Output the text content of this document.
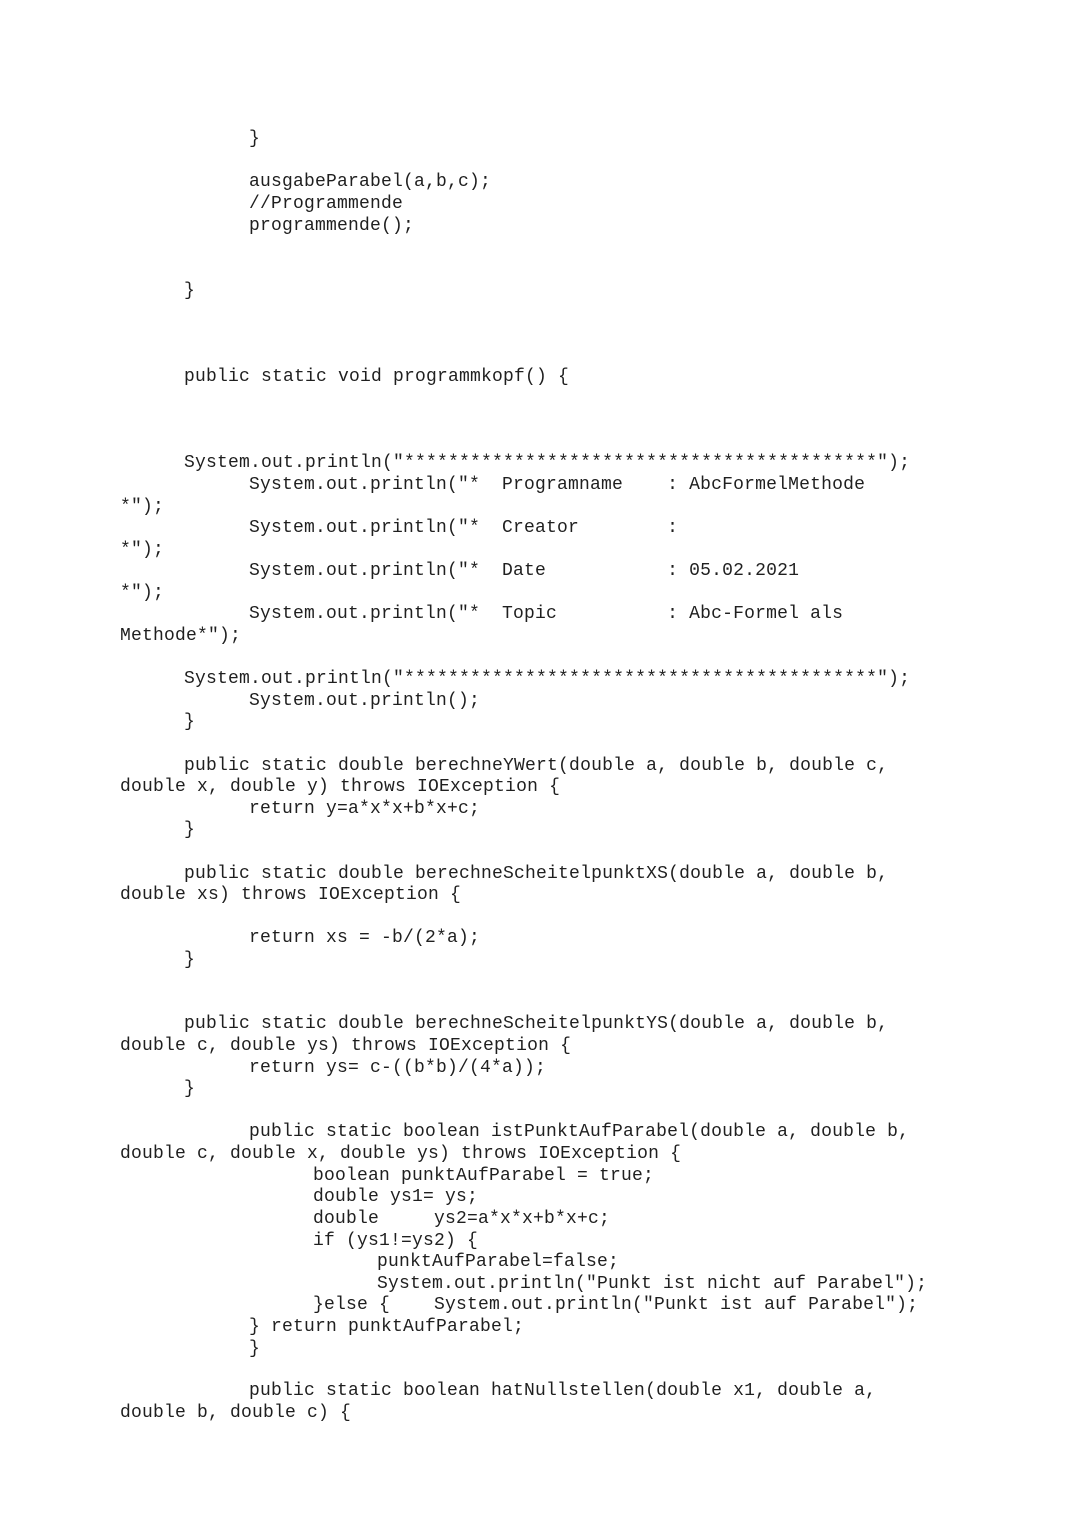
}
ausgabeParabel(a,b,c);
//Programmende
programmende();
}
public static void programmkopf() {
System.out.println("*******************************************");
System.out.println("*  Programname    : AbcFormelMethode
*");
System.out.println("*  Creator        :
*");
System.out.println("*  Date           : 05.02.2021
*");
System.out.println("*  Topic          : Abc-Formel als
Methode*");
System.out.println("*******************************************");
System.out.println();
}
public static double berechneYWert(double a, double b, double c,
double x, double y) throws IOException {
return y=a*x*x+b*x+c;
}
public static double berechneScheitelpunktXS(double a, double b,
double xs) throws IOException {
return xs = -b/(2*a);
}
public static double berechneScheitelpunktYS(double a, double b,
double c, double ys) throws IOException {
return ys= c-((b*b)/(4*a));
}
public static boolean istPunktAufParabel(double a, double b,
double c, double x, double ys) throws IOException {
boolean punktAufParabel = true;
double ys1= ys;
double     ys2=a*x*x+b*x+c;
if (ys1!=ys2) {
punktAufParabel=false;
System.out.println("Punkt ist nicht auf Parabel");
}else {    System.out.println("Punkt ist auf Parabel");
} return punktAufParabel;
}
public static boolean hatNullstellen(double x1, double a,
double b, double c) {
